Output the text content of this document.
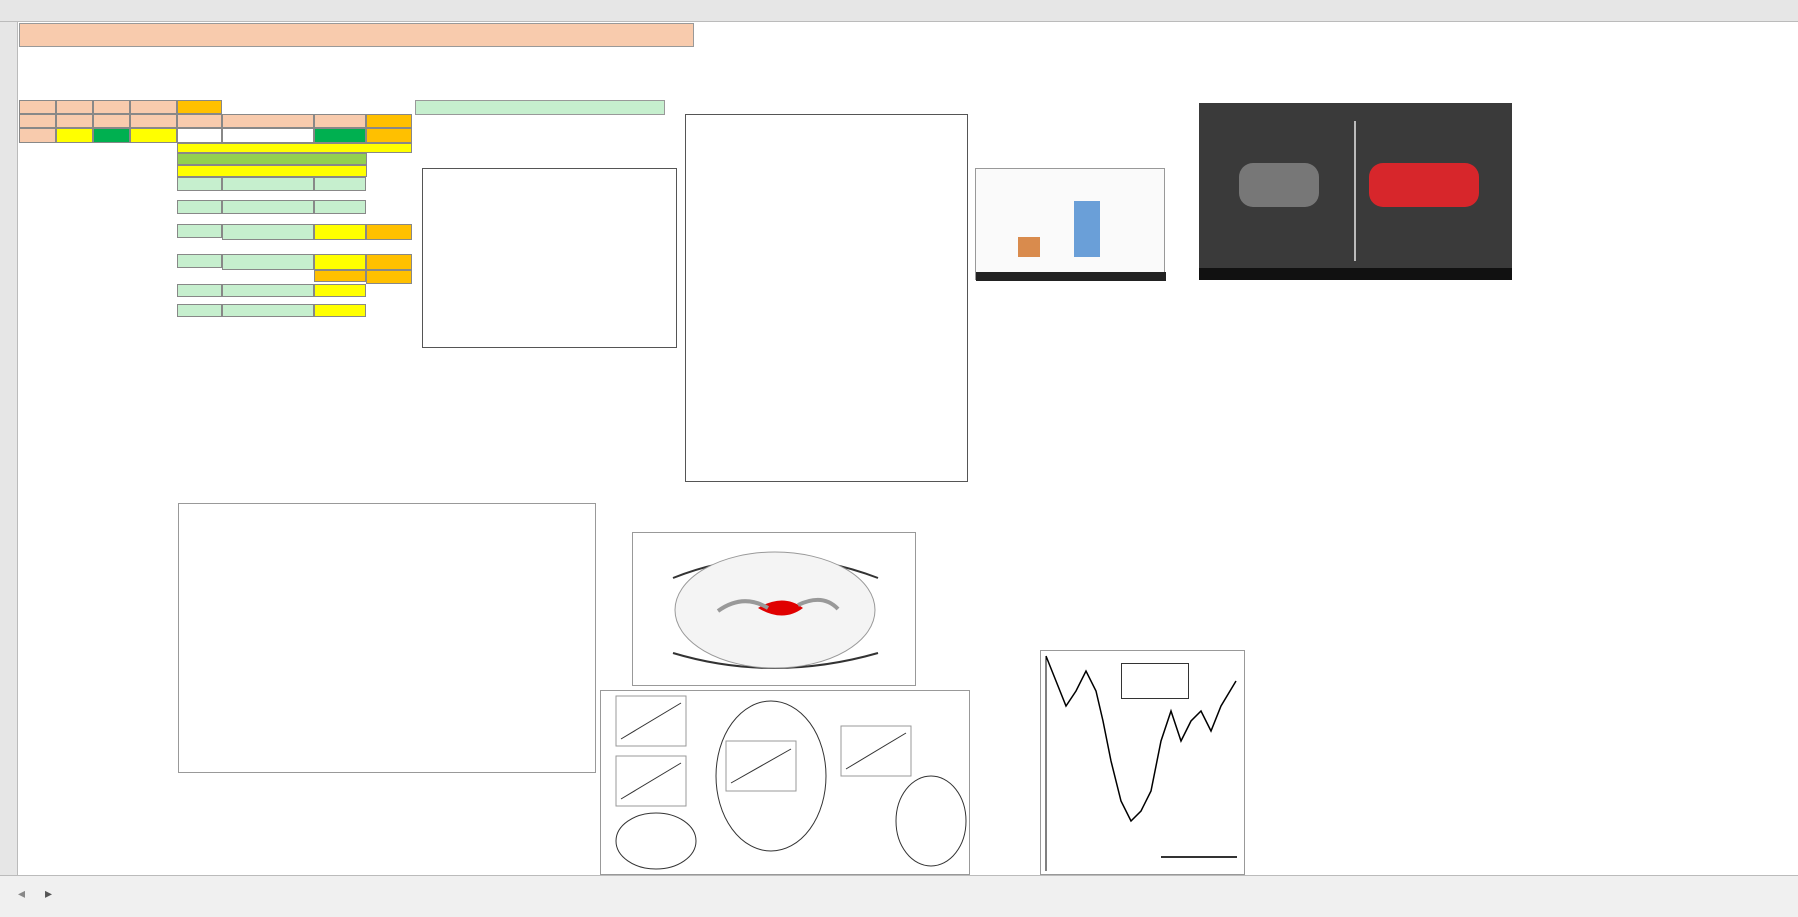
◂ ▸
